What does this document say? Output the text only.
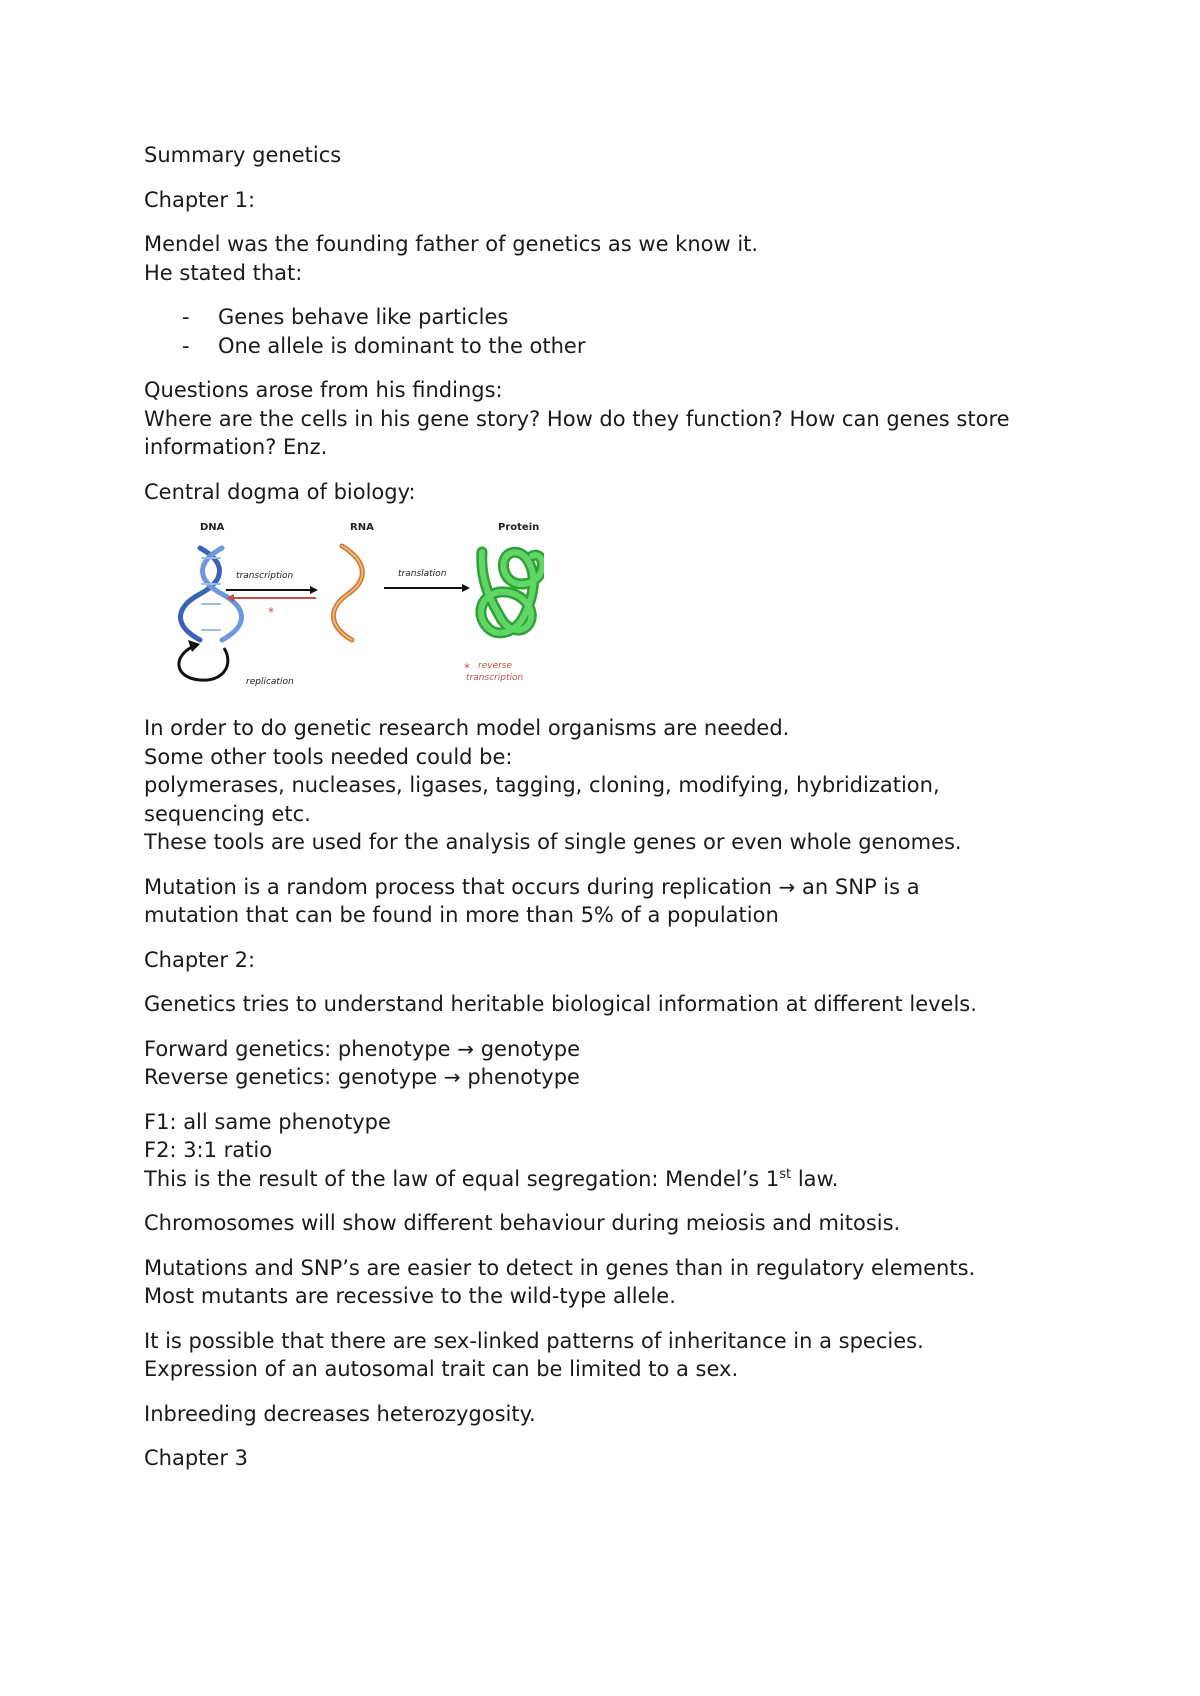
Summary genetics

Chapter 1:

Mendel was the founding father of genetics as we know it.
He stated that:

- Genes behave like particles
- One allele is dominant to the other

Questions arose from his findings:
Where are the cells in his gene story? How do they function? How can genes store
information? Enz.

Central dogma of biology:

DNA	RNA	Protein
replication
transcription
*
translation
* reverse
transcription

In order to do genetic research model organisms are needed.
Some other tools needed could be:
polymerases, nucleases, ligases, tagging, cloning, modifying, hybridization,
sequencing etc.
These tools are used for the analysis of single genes or even whole genomes.

Mutation is a random process that occurs during replication → an SNP is a
mutation that can be found in more than 5% of a population

Chapter 2:

Genetics tries to understand heritable biological information at different levels.

Forward genetics: phenotype → genotype
Reverse genetics: genotype → phenotype

F1: all same phenotype
F2: 3:1 ratio
This is the result of the law of equal segregation: Mendel’s 1st law.

Chromosomes will show different behaviour during meiosis and mitosis.

Mutations and SNP’s are easier to detect in genes than in regulatory elements.
Most mutants are recessive to the wild-type allele.

It is possible that there are sex-linked patterns of inheritance in a species.
Expression of an autosomal trait can be limited to a sex.

Inbreeding decreases heterozygosity.

Chapter 3
